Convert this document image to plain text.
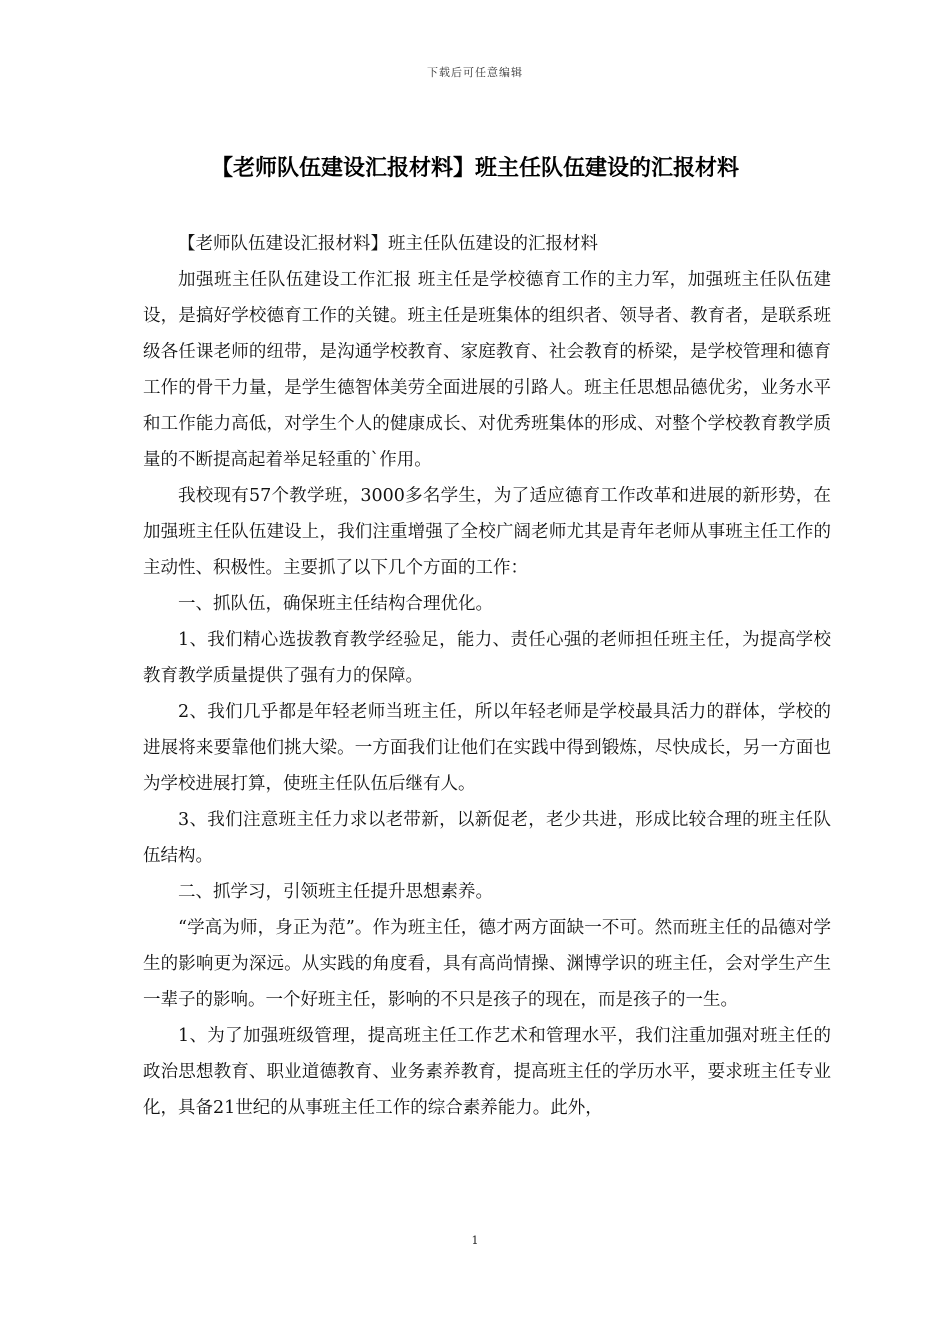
下载后可任意编辑
【老师队伍建设汇报材料】班主任队伍建设的汇报材料

【老师队伍建设汇报材料】班主任队伍建设的汇报材料

加强班主任队伍建设工作汇报 班主任是学校德育工作的主力军，加强班主任队伍建设，是搞好学校德育工作的关键。班主任是班集体的组织者、领导者、教育者，是联系班级各任课老师的纽带，是沟通学校教育、家庭教育、社会教育的桥梁，是学校管理和德育工作的骨干力量，是学生德智体美劳全面进展的引路人。班主任思想品德优劣，业务水平和工作能力高低，对学生个人的健康成长、对优秀班集体的形成、对整个学校教育教学质量的不断提高起着举足轻重的`作用。

我校现有57个教学班，3000多名学生，为了适应德育工作改革和进展的新形势，在加强班主任队伍建设上，我们注重增强了全校广阔老师尤其是青年老师从事班主任工作的主动性、积极性。主要抓了以下几个方面的工作：

一、抓队伍，确保班主任结构合理优化。

1、我们精心选拔教育教学经验足，能力、责任心强的老师担任班主任，为提高学校教育教学质量提供了强有力的保障。

2、我们几乎都是年轻老师当班主任，所以年轻老师是学校最具活力的群体，学校的进展将来要靠他们挑大梁。一方面我们让他们在实践中得到锻炼，尽快成长，另一方面也为学校进展打算，使班主任队伍后继有人。

3、我们注意班主任力求以老带新，以新促老，老少共进，形成比较合理的班主任队伍结构。

二、抓学习，引领班主任提升思想素养。

“学高为师，身正为范”。作为班主任，德才两方面缺一不可。然而班主任的品德对学生的影响更为深远。从实践的角度看，具有高尚情操、渊博学识的班主任，会对学生产生一辈子的影响。一个好班主任，影响的不只是孩子的现在，而是孩子的一生。

1、为了加强班级管理，提高班主任工作艺术和管理水平，我们注重加强对班主任的政治思想教育、职业道德教育、业务素养教育，提高班主任的学历水平，要求班主任专业化，具备21世纪的从事班主任工作的综合素养能力。此外，

1
